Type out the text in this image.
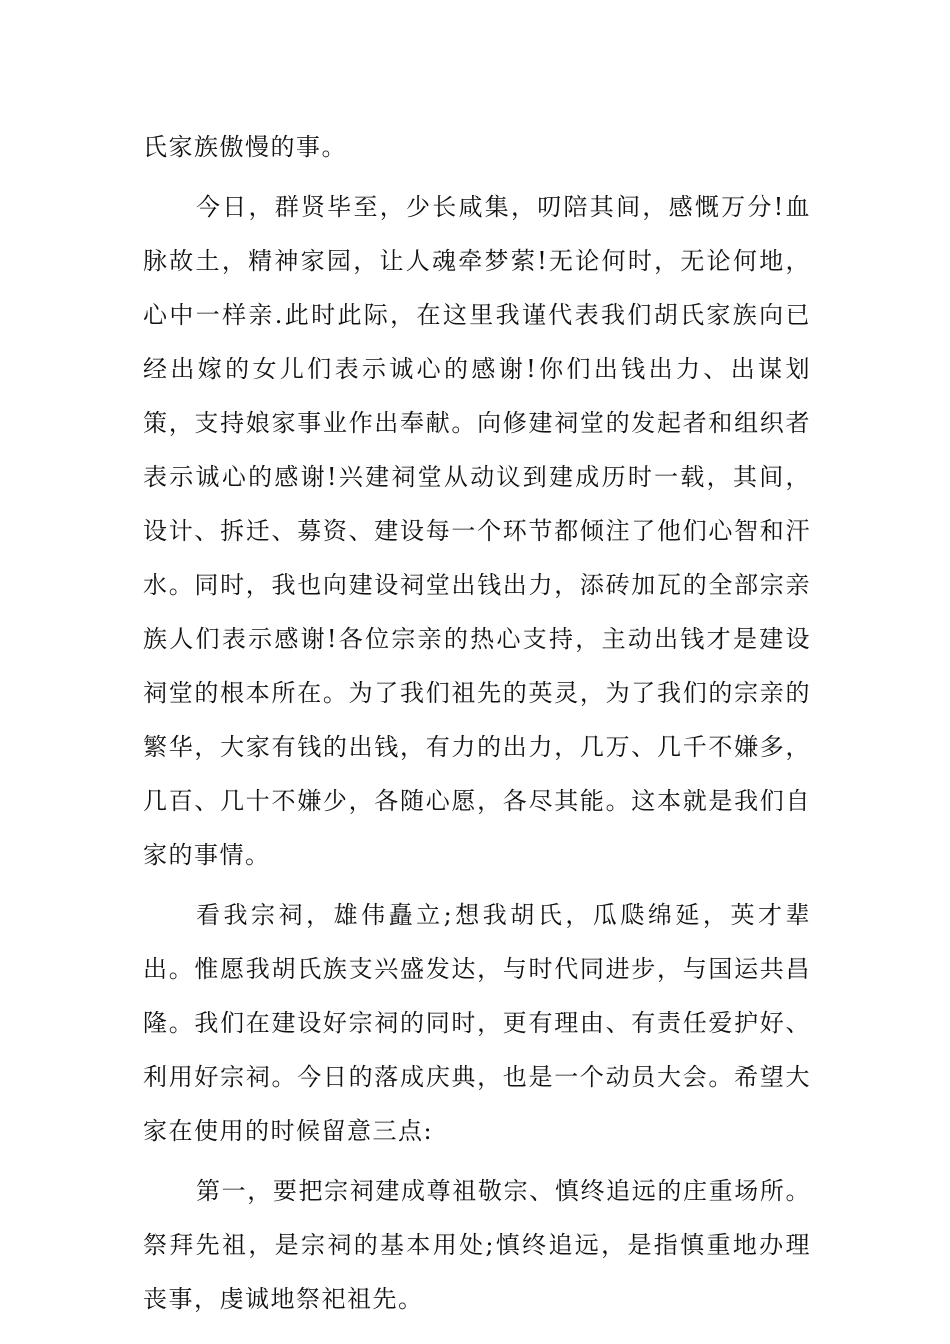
氏家族傲慢的事。

今日，群贤毕至，少长咸集，叨陪其间，感慨万分!血脉故土，精神家园，让人魂牵梦萦!无论何时，无论何地，心中一样亲.此时此际，在这里我谨代表我们胡氏家族向已经出嫁的女儿们表示诚心的感谢!你们出钱出力、出谋划策，支持娘家事业作出奉献。向修建祠堂的发起者和组织者表示诚心的感谢!兴建祠堂从动议到建成历时一载，其间，设计、拆迁、募资、建设每一个环节都倾注了他们心智和汗水。同时，我也向建设祠堂出钱出力，添砖加瓦的全部宗亲族人们表示感谢!各位宗亲的热心支持，主动出钱才是建设祠堂的根本所在。为了我们祖先的英灵，为了我们的宗亲的繁华，大家有钱的出钱，有力的出力，几万、几千不嫌多，几百、几十不嫌少，各随心愿，各尽其能。这本就是我们自家的事情。

看我宗祠，雄伟矗立;想我胡氏，瓜瓞绵延，英才辈出。惟愿我胡氏族支兴盛发达，与时代同进步，与国运共昌隆。我们在建设好宗祠的同时，更有理由、有责任爱护好、利用好宗祠。今日的落成庆典，也是一个动员大会。希望大家在使用的时候留意三点:

第一，要把宗祠建成尊祖敬宗、慎终追远的庄重场所。 祭拜先祖，是宗祠的基本用处;慎终追远，是指慎重地办理丧事，虔诚地祭祀祖先。
